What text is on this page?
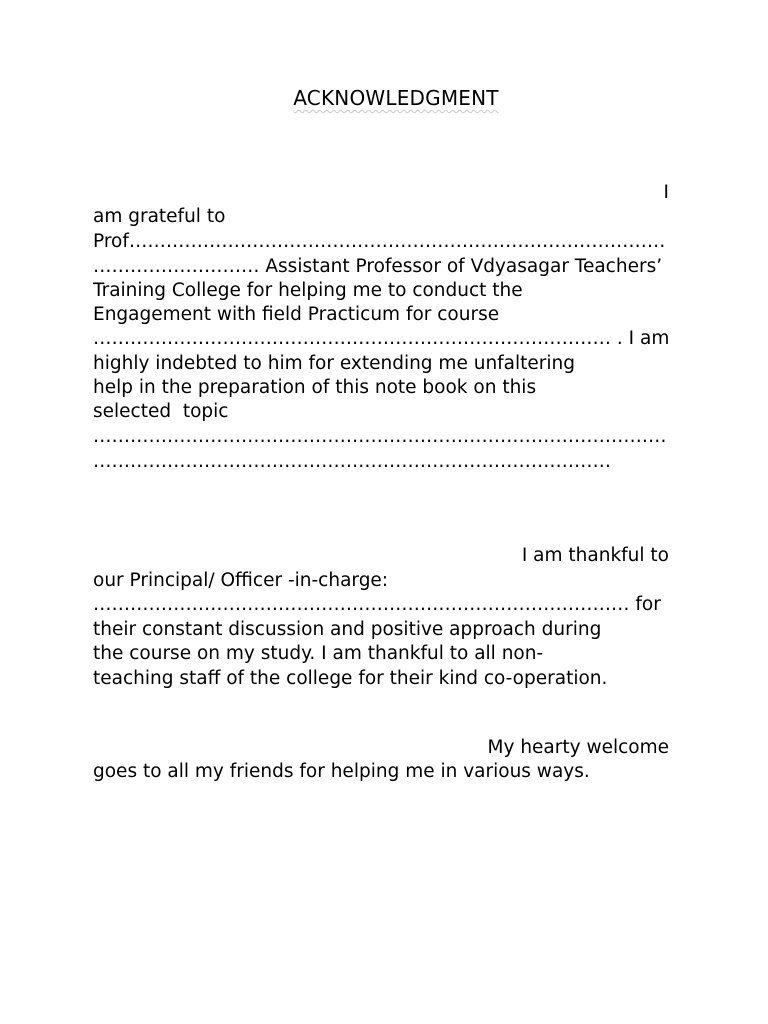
ACKNOWLEDGMENT
I
am grateful to
Prof……………………………………………………………………………
……………………… Assistant Professor of Vdyasagar Teachers’
Training College for helping me to conduct the
Engagement with field Practicum for course
………………………………………………………………………… . I am
highly indebted to him for extending me unfaltering
help in the preparation of this note book on this
selected  topic
…………………………………………………………………………………
…………………………………………………………………………
I am thankful to
our Principal/ Officer -in-charge:
…………………………………………………………………………… for
their constant discussion and positive approach during
the course on my study. I am thankful to all non-
teaching staff of the college for their kind co-operation.
My hearty welcome
goes to all my friends for helping me in various ways.
